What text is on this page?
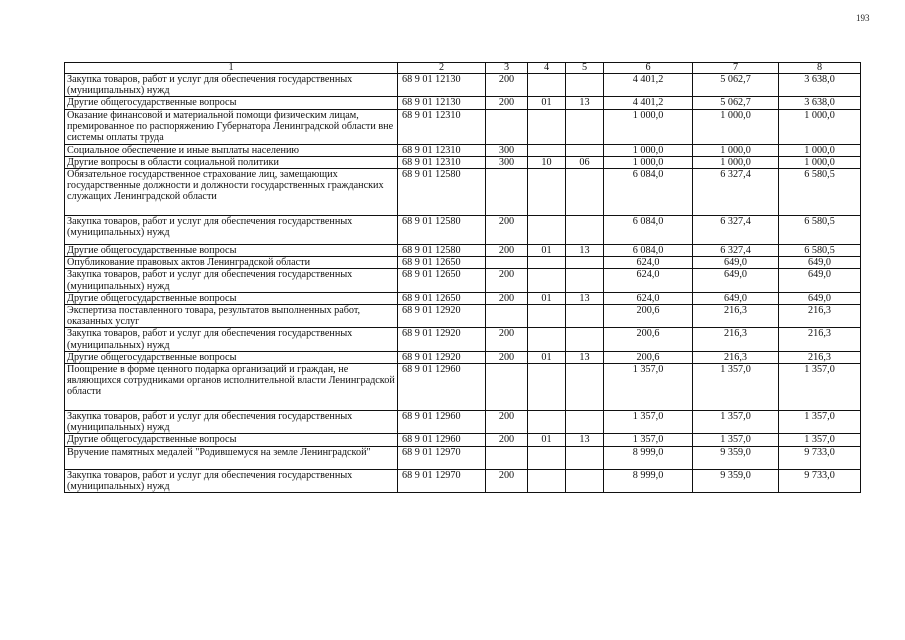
193
1	2	3	4	5	6	7	8
Закупка товаров, работ и услуг для обеспечения государственных (муниципальных) нужд	68 9 01 12130	200			4 401,2	5 062,7	3 638,0
Другие общегосударственные вопросы	68 9 01 12130	200	01	13	4 401,2	5 062,7	3 638,0
Оказание финансовой и материальной помощи физическим лицам, премированное по распоряжению Губернатора Ленинградской области вне системы оплаты труда	68 9 01 12310				1 000,0	1 000,0	1 000,0
Социальное обеспечение и иные выплаты населению	68 9 01 12310	300			1 000,0	1 000,0	1 000,0
Другие вопросы в области социальной политики	68 9 01 12310	300	10	06	1 000,0	1 000,0	1 000,0
Обязательное государственное страхование лиц, замещающих государственные должности и должности государственных гражданских служащих Ленинградской области	68 9 01 12580				6 084,0	6 327,4	6 580,5
Закупка товаров, работ и услуг для обеспечения государственных (муниципальных) нужд	68 9 01 12580	200			6 084,0	6 327,4	6 580,5
Другие общегосударственные вопросы	68 9 01 12580	200	01	13	6 084,0	6 327,4	6 580,5
Опубликование правовых актов Ленинградской области	68 9 01 12650				624,0	649,0	649,0
Закупка товаров, работ и услуг для обеспечения государственных (муниципальных) нужд	68 9 01 12650	200			624,0	649,0	649,0
Другие общегосударственные вопросы	68 9 01 12650	200	01	13	624,0	649,0	649,0
Экспертиза поставленного товара, результатов выполненных работ, оказанных услуг	68 9 01 12920				200,6	216,3	216,3
Закупка товаров, работ и услуг для обеспечения государственных (муниципальных) нужд	68 9 01 12920	200			200,6	216,3	216,3
Другие общегосударственные вопросы	68 9 01 12920	200	01	13	200,6	216,3	216,3
Поощрение в форме ценного подарка организаций и граждан, не являющихся сотрудниками органов исполнительной власти Ленинградской области	68 9 01 12960				1 357,0	1 357,0	1 357,0
Закупка товаров, работ и услуг для обеспечения государственных (муниципальных) нужд	68 9 01 12960	200			1 357,0	1 357,0	1 357,0
Другие общегосударственные вопросы	68 9 01 12960	200	01	13	1 357,0	1 357,0	1 357,0
Вручение памятных медалей "Родившемуся на земле Ленинградской"	68 9 01 12970				8 999,0	9 359,0	9 733,0
Закупка товаров, работ и услуг для обеспечения государственных (муниципальных) нужд	68 9 01 12970	200			8 999,0	9 359,0	9 733,0
